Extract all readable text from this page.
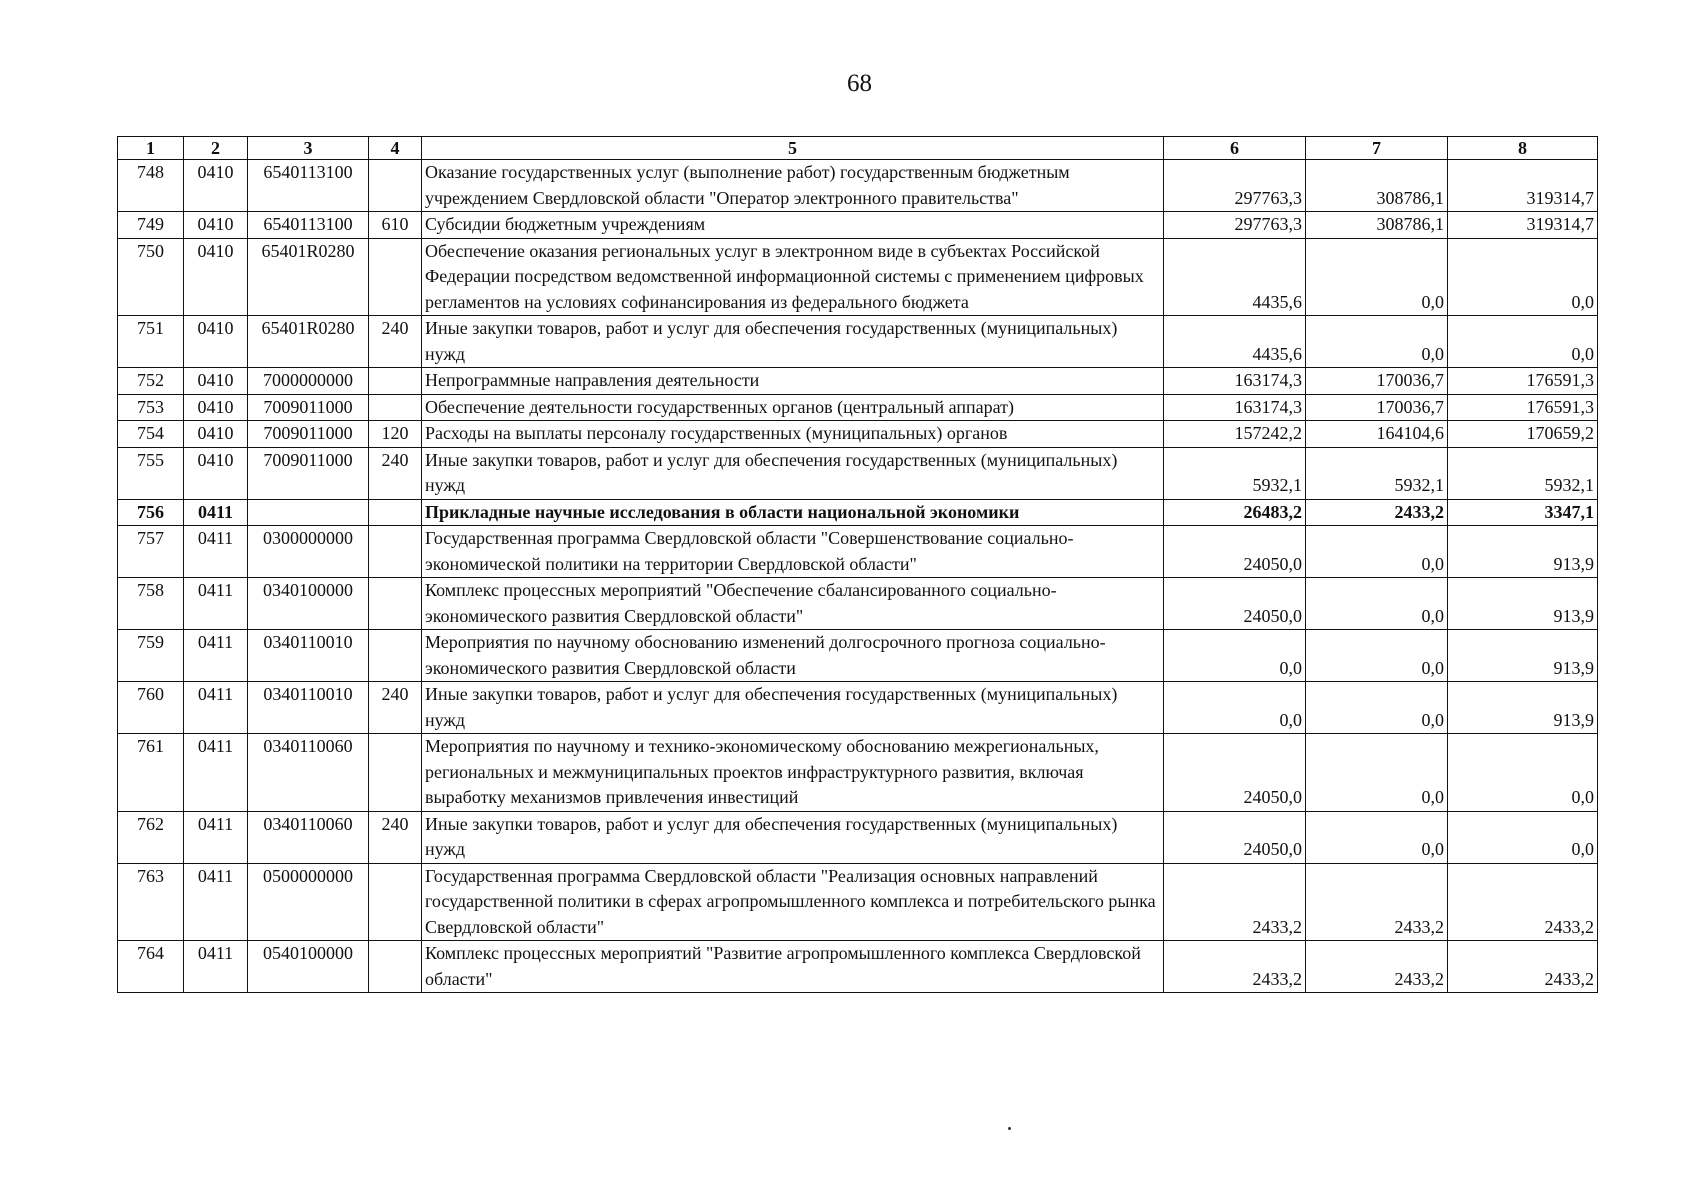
68
1	2	3	4	5	6	7	8
748	0410	6540113100		Оказание государственных услуг (выполнение работ) государственным бюджетным учреждением Свердловской области "Оператор электронного правительства"	297763,3	308786,1	319314,7
749	0410	6540113100	610	Субсидии бюджетным учреждениям	297763,3	308786,1	319314,7
750	0410	65401R0280		Обеспечение оказания региональных услуг в электронном виде в субъектах Российской Федерации посредством ведомственной информационной системы с применением цифровых регламентов на условиях софинансирования из федерального бюджета	4435,6	0,0	0,0
751	0410	65401R0280	240	Иные закупки товаров, работ и услуг для обеспечения государственных (муниципальных) нужд	4435,6	0,0	0,0
752	0410	7000000000		Непрограммные направления деятельности	163174,3	170036,7	176591,3
753	0410	7009011000		Обеспечение деятельности государственных органов (центральный аппарат)	163174,3	170036,7	176591,3
754	0410	7009011000	120	Расходы на выплаты персоналу государственных (муниципальных) органов	157242,2	164104,6	170659,2
755	0410	7009011000	240	Иные закупки товаров, работ и услуг для обеспечения государственных (муниципальных) нужд	5932,1	5932,1	5932,1
756	0411			Прикладные научные исследования в области национальной экономики	26483,2	2433,2	3347,1
757	0411	0300000000		Государственная программа Свердловской области "Совершенствование социально-экономической политики на территории Свердловской области"	24050,0	0,0	913,9
758	0411	0340100000		Комплекс процессных мероприятий "Обеспечение сбалансированного социально-экономического развития Свердловской области"	24050,0	0,0	913,9
759	0411	0340110010		Мероприятия по научному обоснованию изменений долгосрочного прогноза социально-экономического развития Свердловской области	0,0	0,0	913,9
760	0411	0340110010	240	Иные закупки товаров, работ и услуг для обеспечения государственных (муниципальных) нужд	0,0	0,0	913,9
761	0411	0340110060		Мероприятия по научному и технико-экономическому обоснованию межрегиональных, региональных и межмуниципальных проектов инфраструктурного развития, включая выработку механизмов привлечения инвестиций	24050,0	0,0	0,0
762	0411	0340110060	240	Иные закупки товаров, работ и услуг для обеспечения государственных (муниципальных) нужд	24050,0	0,0	0,0
763	0411	0500000000		Государственная программа Свердловской области "Реализация основных направлений государственной политики в сферах агропромышленного комплекса и потребительского рынка Свердловской области"	2433,2	2433,2	2433,2
764	0411	0540100000		Комплекс процессных мероприятий "Развитие агропромышленного комплекса Свердловской области"	2433,2	2433,2	2433,2
